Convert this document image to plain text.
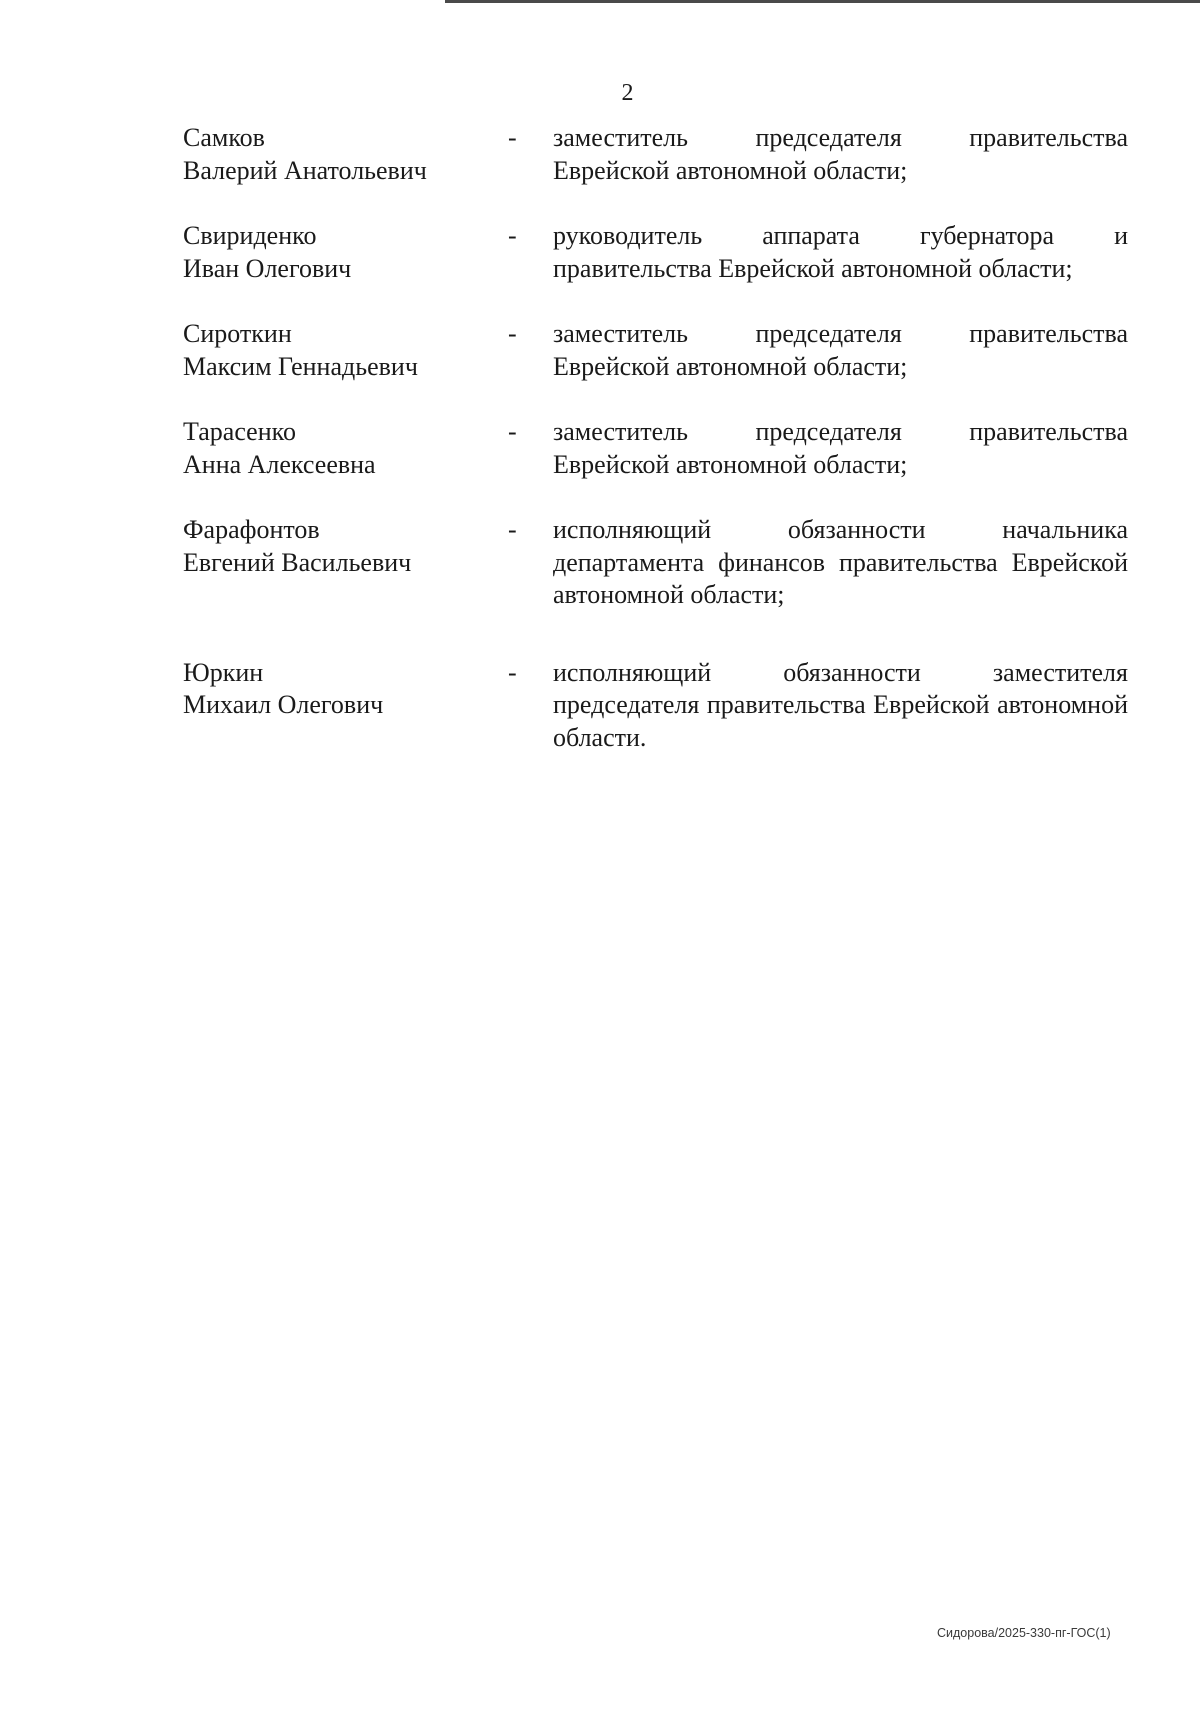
2
Самков
Валерий Анатольевич
-	заместитель председателя правительства Еврейской автономной области;
Свириденко
Иван Олегович
-	руководитель аппарата губернатора и правительства Еврейской автономной области;
Сироткин
Максим Геннадьевич
-	заместитель председателя правительства Еврейской автономной области;
Тарасенко
Анна Алексеевна
-	заместитель председателя правительства Еврейской автономной области;
Фарафонтов
Евгений Васильевич
-	исполняющий обязанности начальника департамента финансов правительства Еврейской автономной области;
Юркин
Михаил Олегович
-	исполняющий обязанности заместителя председателя правительства Еврейской автономной области.
Сидорова/2025-330-пг-ГОС(1)
